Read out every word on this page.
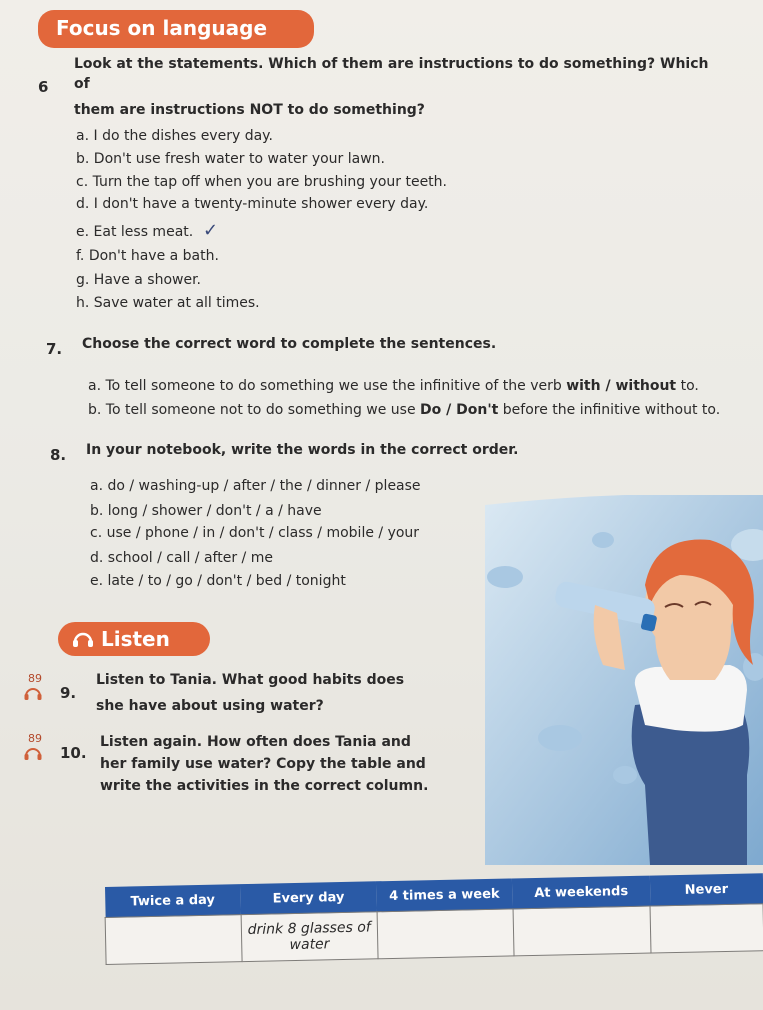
Focus on language
6
Look at the statements. Which of them are instructions to do something? Which of
them are instructions NOT to do something?
a. I do the dishes every day.
b. Don't use fresh water to water your lawn.
c. Turn the tap off when you are brushing your teeth.
d. I don't have a twenty-minute shower every day.
e. Eat less meat. ✓
f. Don't have a bath.
g. Have a shower.
h. Save water at all times.
7. Choose the correct word to complete the sentences.
a. To tell someone to do something we use the infinitive of the verb with / without to.
b. To tell someone not to do something we use Do / Don't before the infinitive without to.
8. In your notebook, write the words in the correct order.
a. do / washing-up / after / the / dinner / please
b. long / shower / don't / a / have
c. use / phone / in / don't / class / mobile / your
d. school / call / after / me
e. late / to / go / don't / bed / tonight
Listen
89
9.
Listen to Tania. What good habits does
she have about using water?
89
10.
Listen again. How often does Tania and
her family use water? Copy the table and
write the activities in the correct column.
Twice a day	Every day	4 times a week	At weekends	Never
	drink 8 glasses of water			
